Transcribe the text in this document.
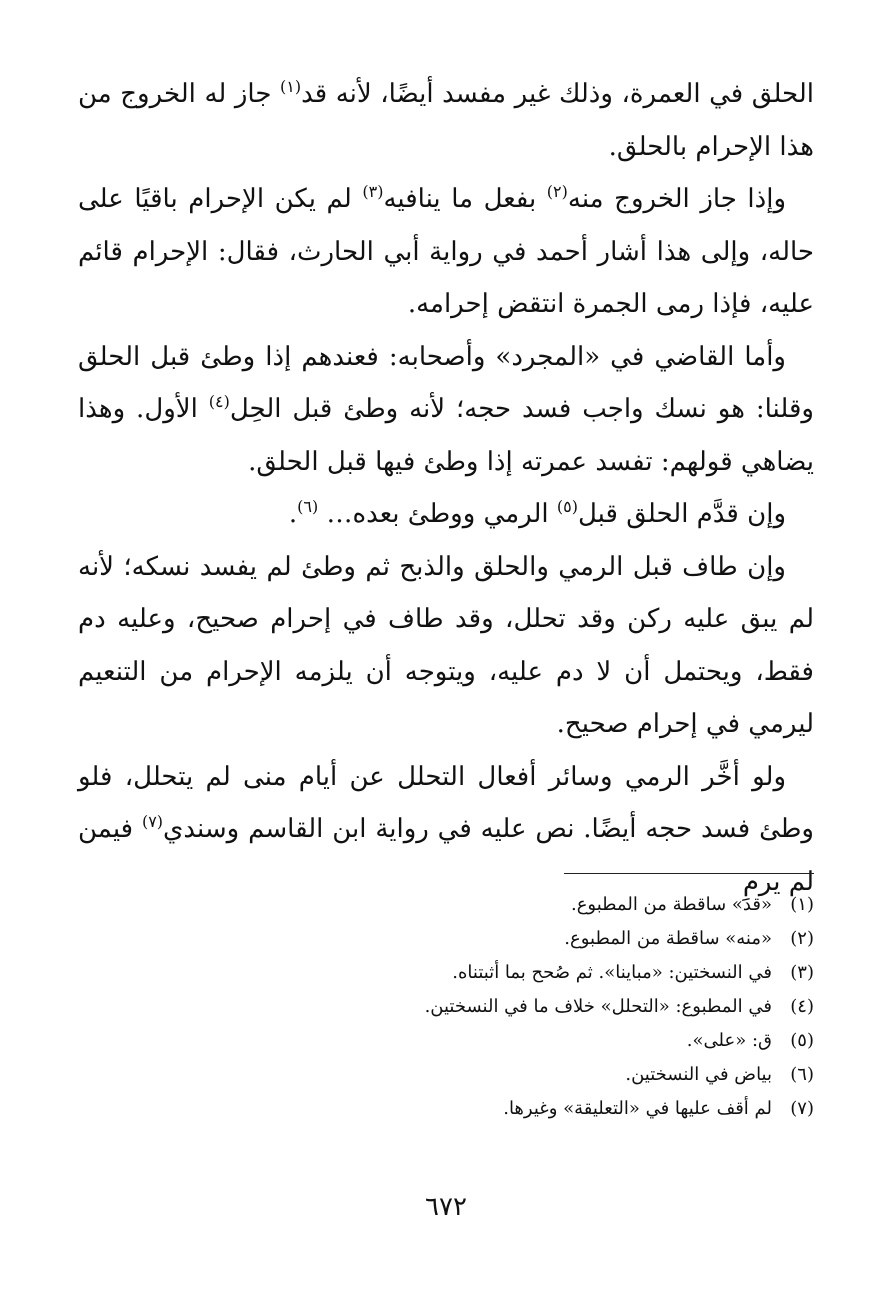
الحلق في العمرة، وذلك غير مفسد أيضًا، لأنه قد$^{(١)}$ جاز له الخروج من هذا الإحرام بالحلق.

وإذا جاز الخروج منه$^{(٢)}$ بفعل ما ينافيه$^{(٣)}$ لم يكن الإحرام باقيًا على حاله، وإلى هذا أشار أحمد في رواية أبي الحارث، فقال: الإحرام قائم عليه، فإذا رمى الجمرة انتقض إحرامه.

وأما القاضي في «المجرد» وأصحابه: فعندهم إذا وطئ قبل الحلق وقلنا: هو نسك واجب فسد حجه؛ لأنه وطئ قبل الحِل$^{(٤)}$ الأول. وهذا يضاهي قولهم: تفسد عمرته إذا وطئ فيها قبل الحلق.

وإن قدَّم الحلق قبل$^{(٥)}$ الرمي ووطئ بعده… $^{(٦)}$.

وإن طاف قبل الرمي والحلق والذبح ثم وطئ لم يفسد نسكه؛ لأنه لم يبق عليه ركن وقد تحلل، وقد طاف في إحرام صحيح، وعليه دم فقط، ويحتمل أن لا دم عليه، ويتوجه أن يلزمه الإحرام من التنعيم ليرمي في إحرام صحيح.

ولو أخَّر الرمي وسائر أفعال التحلل عن أيام منى لم يتحلل، فلو وطئ فسد حجه أيضًا. نص عليه في رواية ابن القاسم وسندي$^{(٧)}$ فيمن لم يرمِ

(١)«قد» ساقطة من المطبوع.
(٢)«منه» ساقطة من المطبوع.
(٣)في النسختين: «مباينا». ثم صُحح بما أثبتناه.
(٤)في المطبوع: «التحلل» خلاف ما في النسختين.
(٥)ق: «على».
(٦)بياض في النسختين.
(٧)لم أقف عليها في «التعليقة» وغيرها.
٦٧٢
